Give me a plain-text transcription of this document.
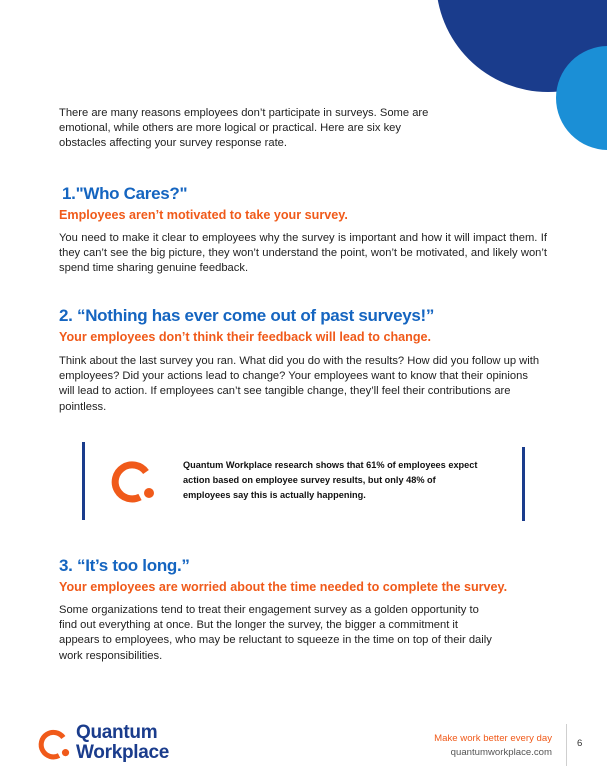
There are many reasons employees don’t participate in surveys. Some are emotional, while others are more logical or practical. Here are six key obstacles affecting your survey response rate.

1."Who Cares?"
Employees aren’t motivated to take your survey.

You need to make it clear to employees why the survey is important and how it will impact them. If they can’t see the big picture, they won’t understand the point, won’t be motivated, and likely won’t spend time sharing genuine feedback.

2. “Nothing has ever come out of past surveys!”
Your employees don’t think their feedback will lead to change.

Think about the last survey you ran. What did you do with the results? How did you follow up with employees? Did your actions lead to change? Your employees want to know that their opinions will lead to action. If employees can’t see tangible change, they’ll feel their contributions are pointless.

Quantum Workplace research shows that 61% of employees expect action based on employee survey results, but only 48% of employees say this is actually happening.

3. “It’s too long.”
Your employees are worried about the time needed to complete the survey.

Some organizations tend to treat their engagement survey as a golden opportunity to find out everything at once. But the longer the survey, the bigger a commitment it appears to employees, who may be reluctant to squeeze in the time on top of their daily work responsibilities.

Quantum
Workplace
Make work better every day
quantumworkplace.com
6
